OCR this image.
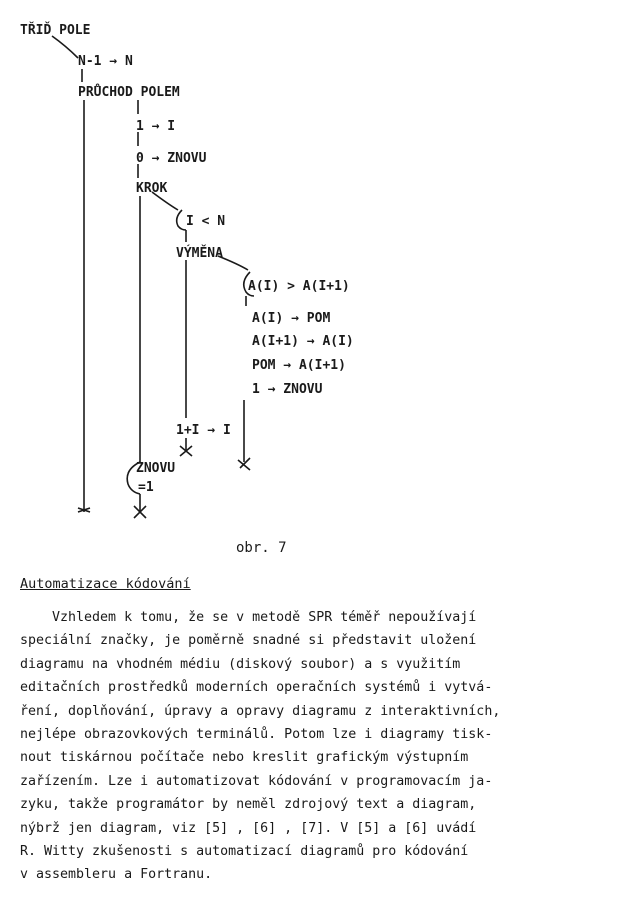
TŘIĎ POLE
N-1 → N
PRŮCHOD POLEM
1 → I
0 → ZNOVU
KROK
I < N
VÝMĚNA
A(I) > A(I+1)
A(I) → POM
A(I+1) → A(I)
POM → A(I+1)
1 → ZNOVU
1+I → I
ZNOVU
=1
obr. 7
Automatizace kódování
Vzhledem k tomu, že se v metodě SPR téměř nepoužívají
speciální značky, je poměrně snadné si představit uložení
diagramu na vhodném médiu (diskový soubor) a s využitím
editačních prostředků moderních operačních systémů i vytvá-
ření, doplňování, úpravy a opravy diagramu z interaktivních,
nejlépe obrazovkových terminálů. Potom lze i diagramy tisk-
nout tiskárnou počítače nebo kreslit grafickým výstupním
zařízením. Lze i automatizovat kódování v programovacím ja-
zyku, takže programátor by neměl zdrojový text a diagram,
nýbrž jen diagram, viz [5] , [6] , [7]. V [5] a [6] uvádí
R. Witty zkušenosti s automatizací diagramů pro kódování
v assembleru a Fortranu.
